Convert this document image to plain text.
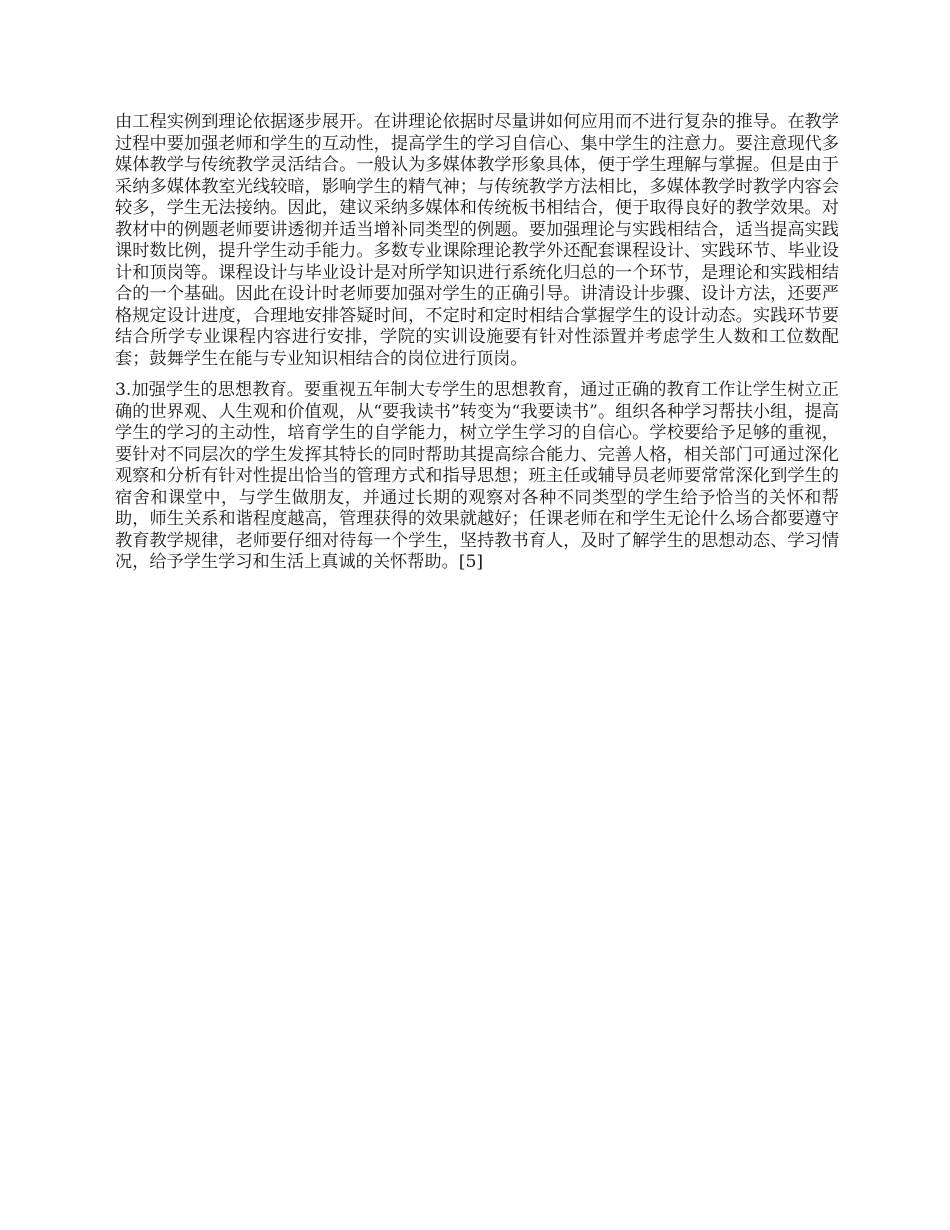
由工程实例到理论依据逐步展开。在讲理论依据时尽量讲如何应用而不进行复杂的推导。在教学过程中要加强老师和学生的互动性，提高学生的学习自信心、集中学生的注意力。要注意现代多媒体教学与传统教学灵活结合。一般认为多媒体教学形象具体，便于学生理解与掌握。但是由于采纳多媒体教室光线较暗，影响学生的精气神；与传统教学方法相比，多媒体教学时教学内容会较多，学生无法接纳。因此，建议采纳多媒体和传统板书相结合，便于取得良好的教学效果。对教材中的例题老师要讲透彻并适当增补同类型的例题。要加强理论与实践相结合，适当提高实践课时数比例，提升学生动手能力。多数专业课除理论教学外还配套课程设计、实践环节、毕业设计和顶岗等。课程设计与毕业设计是对所学知识进行系统化归总的一个环节，是理论和实践相结合的一个基础。因此在设计时老师要加强对学生的正确引导。讲清设计步骤、设计方法，还要严格规定设计进度，合理地安排答疑时间，不定时和定时相结合掌握学生的设计动态。实践环节要结合所学专业课程内容进行安排，学院的实训设施要有针对性添置并考虑学生人数和工位数配套；鼓舞学生在能与专业知识相结合的岗位进行顶岗。

3.加强学生的思想教育。要重视五年制大专学生的思想教育，通过正确的教育工作让学生树立正确的世界观、人生观和价值观，从“要我读书”转变为“我要读书”。组织各种学习帮扶小组，提高学生的学习的主动性，培育学生的自学能力，树立学生学习的自信心。学校要给予足够的重视，要针对不同层次的学生发挥其特长的同时帮助其提高综合能力、完善人格，相关部门可通过深化观察和分析有针对性提出恰当的管理方式和指导思想；班主任或辅导员老师要常常深化到学生的宿舍和课堂中，与学生做朋友，并通过长期的观察对各种不同类型的学生给予恰当的关怀和帮助，师生关系和谐程度越高，管理获得的效果就越好；任课老师在和学生无论什么场合都要遵守教育教学规律，老师要仔细对待每一个学生，坚持教书育人，及时了解学生的思想动态、学习情况，给予学生学习和生活上真诚的关怀帮助。[5]
